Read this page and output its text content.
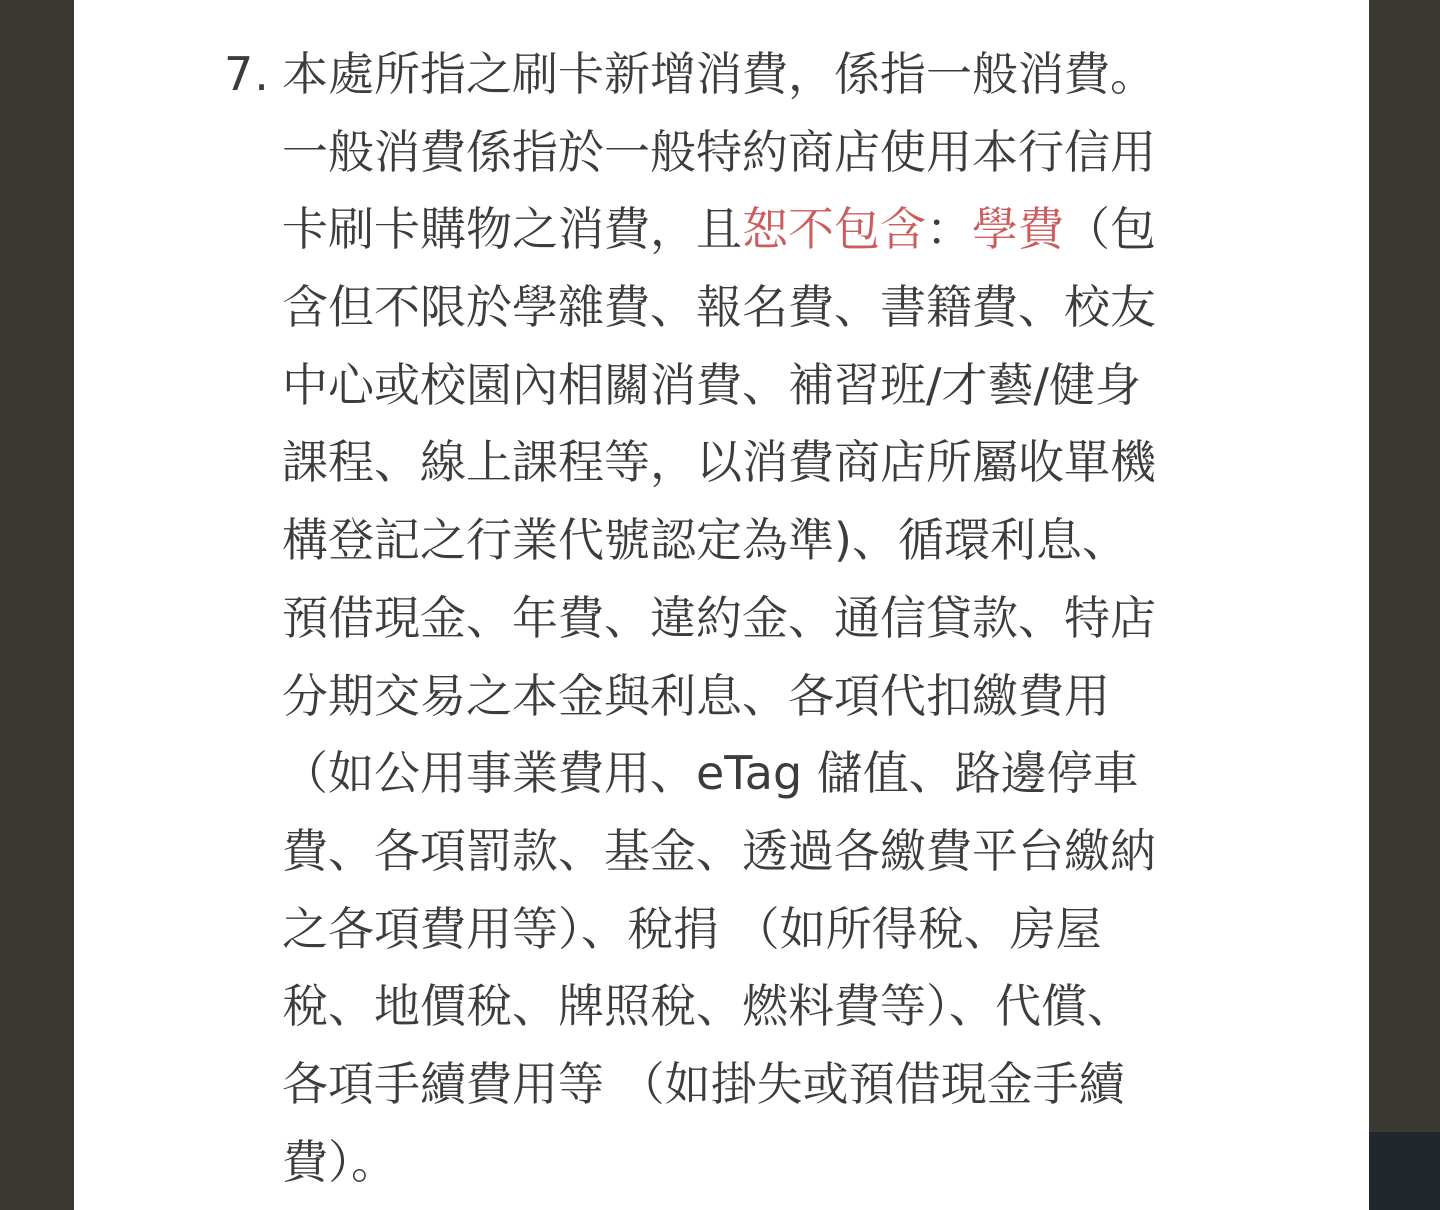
7. 本處所指之刷卡新增消費，係指一般消費。
一般消費係指於一般特約商店使用本行信用
卡刷卡購物之消費，且恕不包含：學費（包
含但不限於學雜費、報名費、書籍費、校友
中心或校園內相關消費、補習班/才藝/健身
課程、線上課程等，以消費商店所屬收單機
構登記之行業代號認定為準)、循環利息、
預借現金、年費、違約金、通信貸款、特店
分期交易之本金與利息、各項代扣繳費用
（如公用事業費用、eTag 儲值、路邊停車
費、各項罰款、基金、透過各繳費平台繳納
之各項費用等）、稅捐 （如所得稅、房屋
稅、地價稅、牌照稅、燃料費等）、代償、
各項手續費用等 （如掛失或預借現金手續
費）。
